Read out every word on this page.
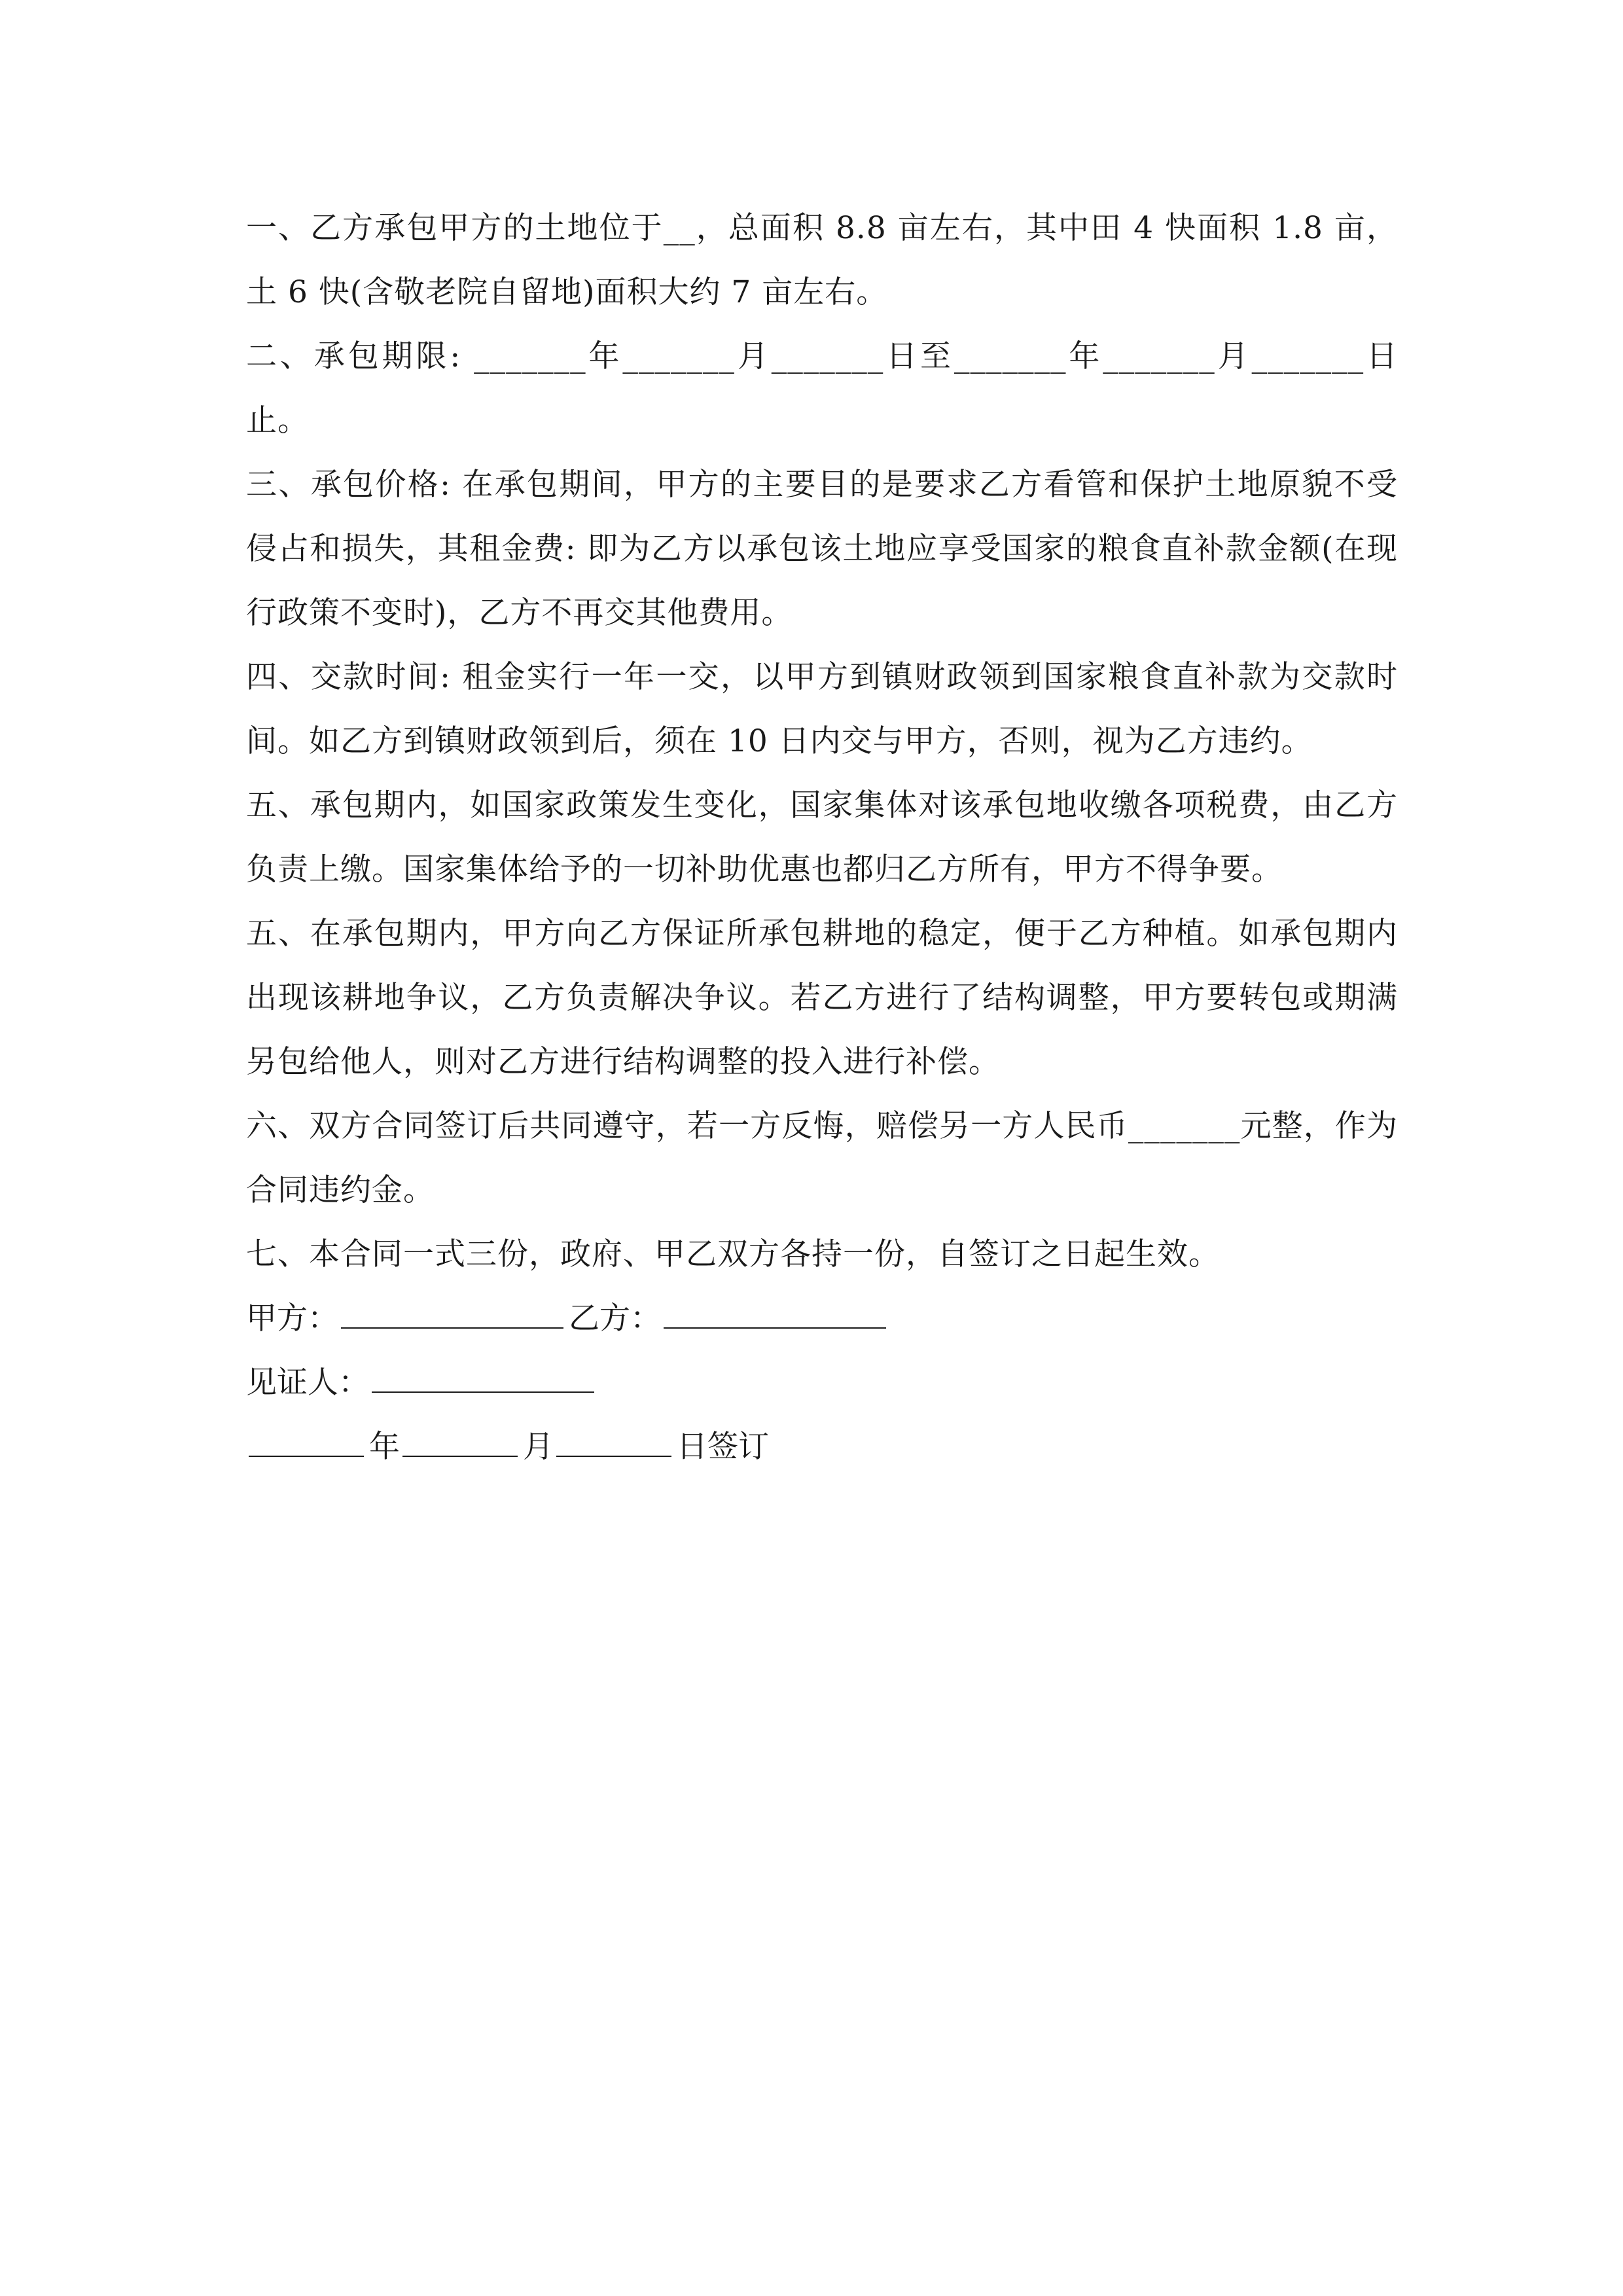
一、乙方承包甲方的土地位于__，总面积 8.8 亩左右，其中田 4 快面积 1.8 亩，土 6 快(含敬老院自留地)面积大约 7 亩左右。

二、承包期限: _______年_______月_______日至_______年_______月_______日止。

三、承包价格: 在承包期间，甲方的主要目的是要求乙方看管和保护土地原貌不受侵占和损失，其租金费: 即为乙方以承包该土地应享受国家的粮食直补款金额(在现行政策不变时)，乙方不再交其他费用。

四、交款时间: 租金实行一年一交，以甲方到镇财政领到国家粮食直补款为交款时间。如乙方到镇财政领到后，须在 10 日内交与甲方，否则，视为乙方违约。

五、承包期内，如国家政策发生变化，国家集体对该承包地收缴各项税费，由乙方负责上缴。国家集体给予的一切补助优惠也都归乙方所有，甲方不得争要。

五、在承包期内，甲方向乙方保证所承包耕地的稳定，便于乙方种植。如承包期内出现该耕地争议，乙方负责解决争议。若乙方进行了结构调整，甲方要转包或期满另包给他人，则对乙方进行结构调整的投入进行补偿。

六、双方合同签订后共同遵守，若一方反悔，赔偿另一方人民币_______元整，作为合同违约金。

七、本合同一式三份，政府、甲乙双方各持一份，自签订之日起生效。

甲方：	乙方：
见证人：
年	月	日签订
